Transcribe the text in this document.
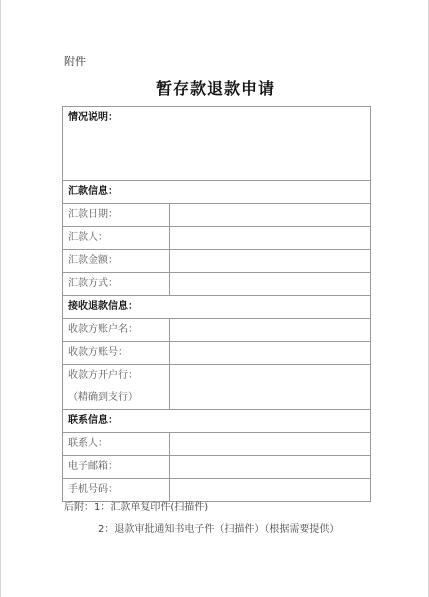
附件
暂存款退款申请
情况说明：	
汇款信息：	
汇款日期：	
汇款人：	
汇款金额：	
汇款方式：	
接收退款信息：	
收款方账户名：	
收款方账号：	

收款方开户行：
（精确到支行）	

联系信息：	
联系人：	
电子邮箱：	
手机号码：	
后附：1：汇款单复印件(扫描件)
2：退款审批通知书电子件（扫描件）（根据需要提供）
